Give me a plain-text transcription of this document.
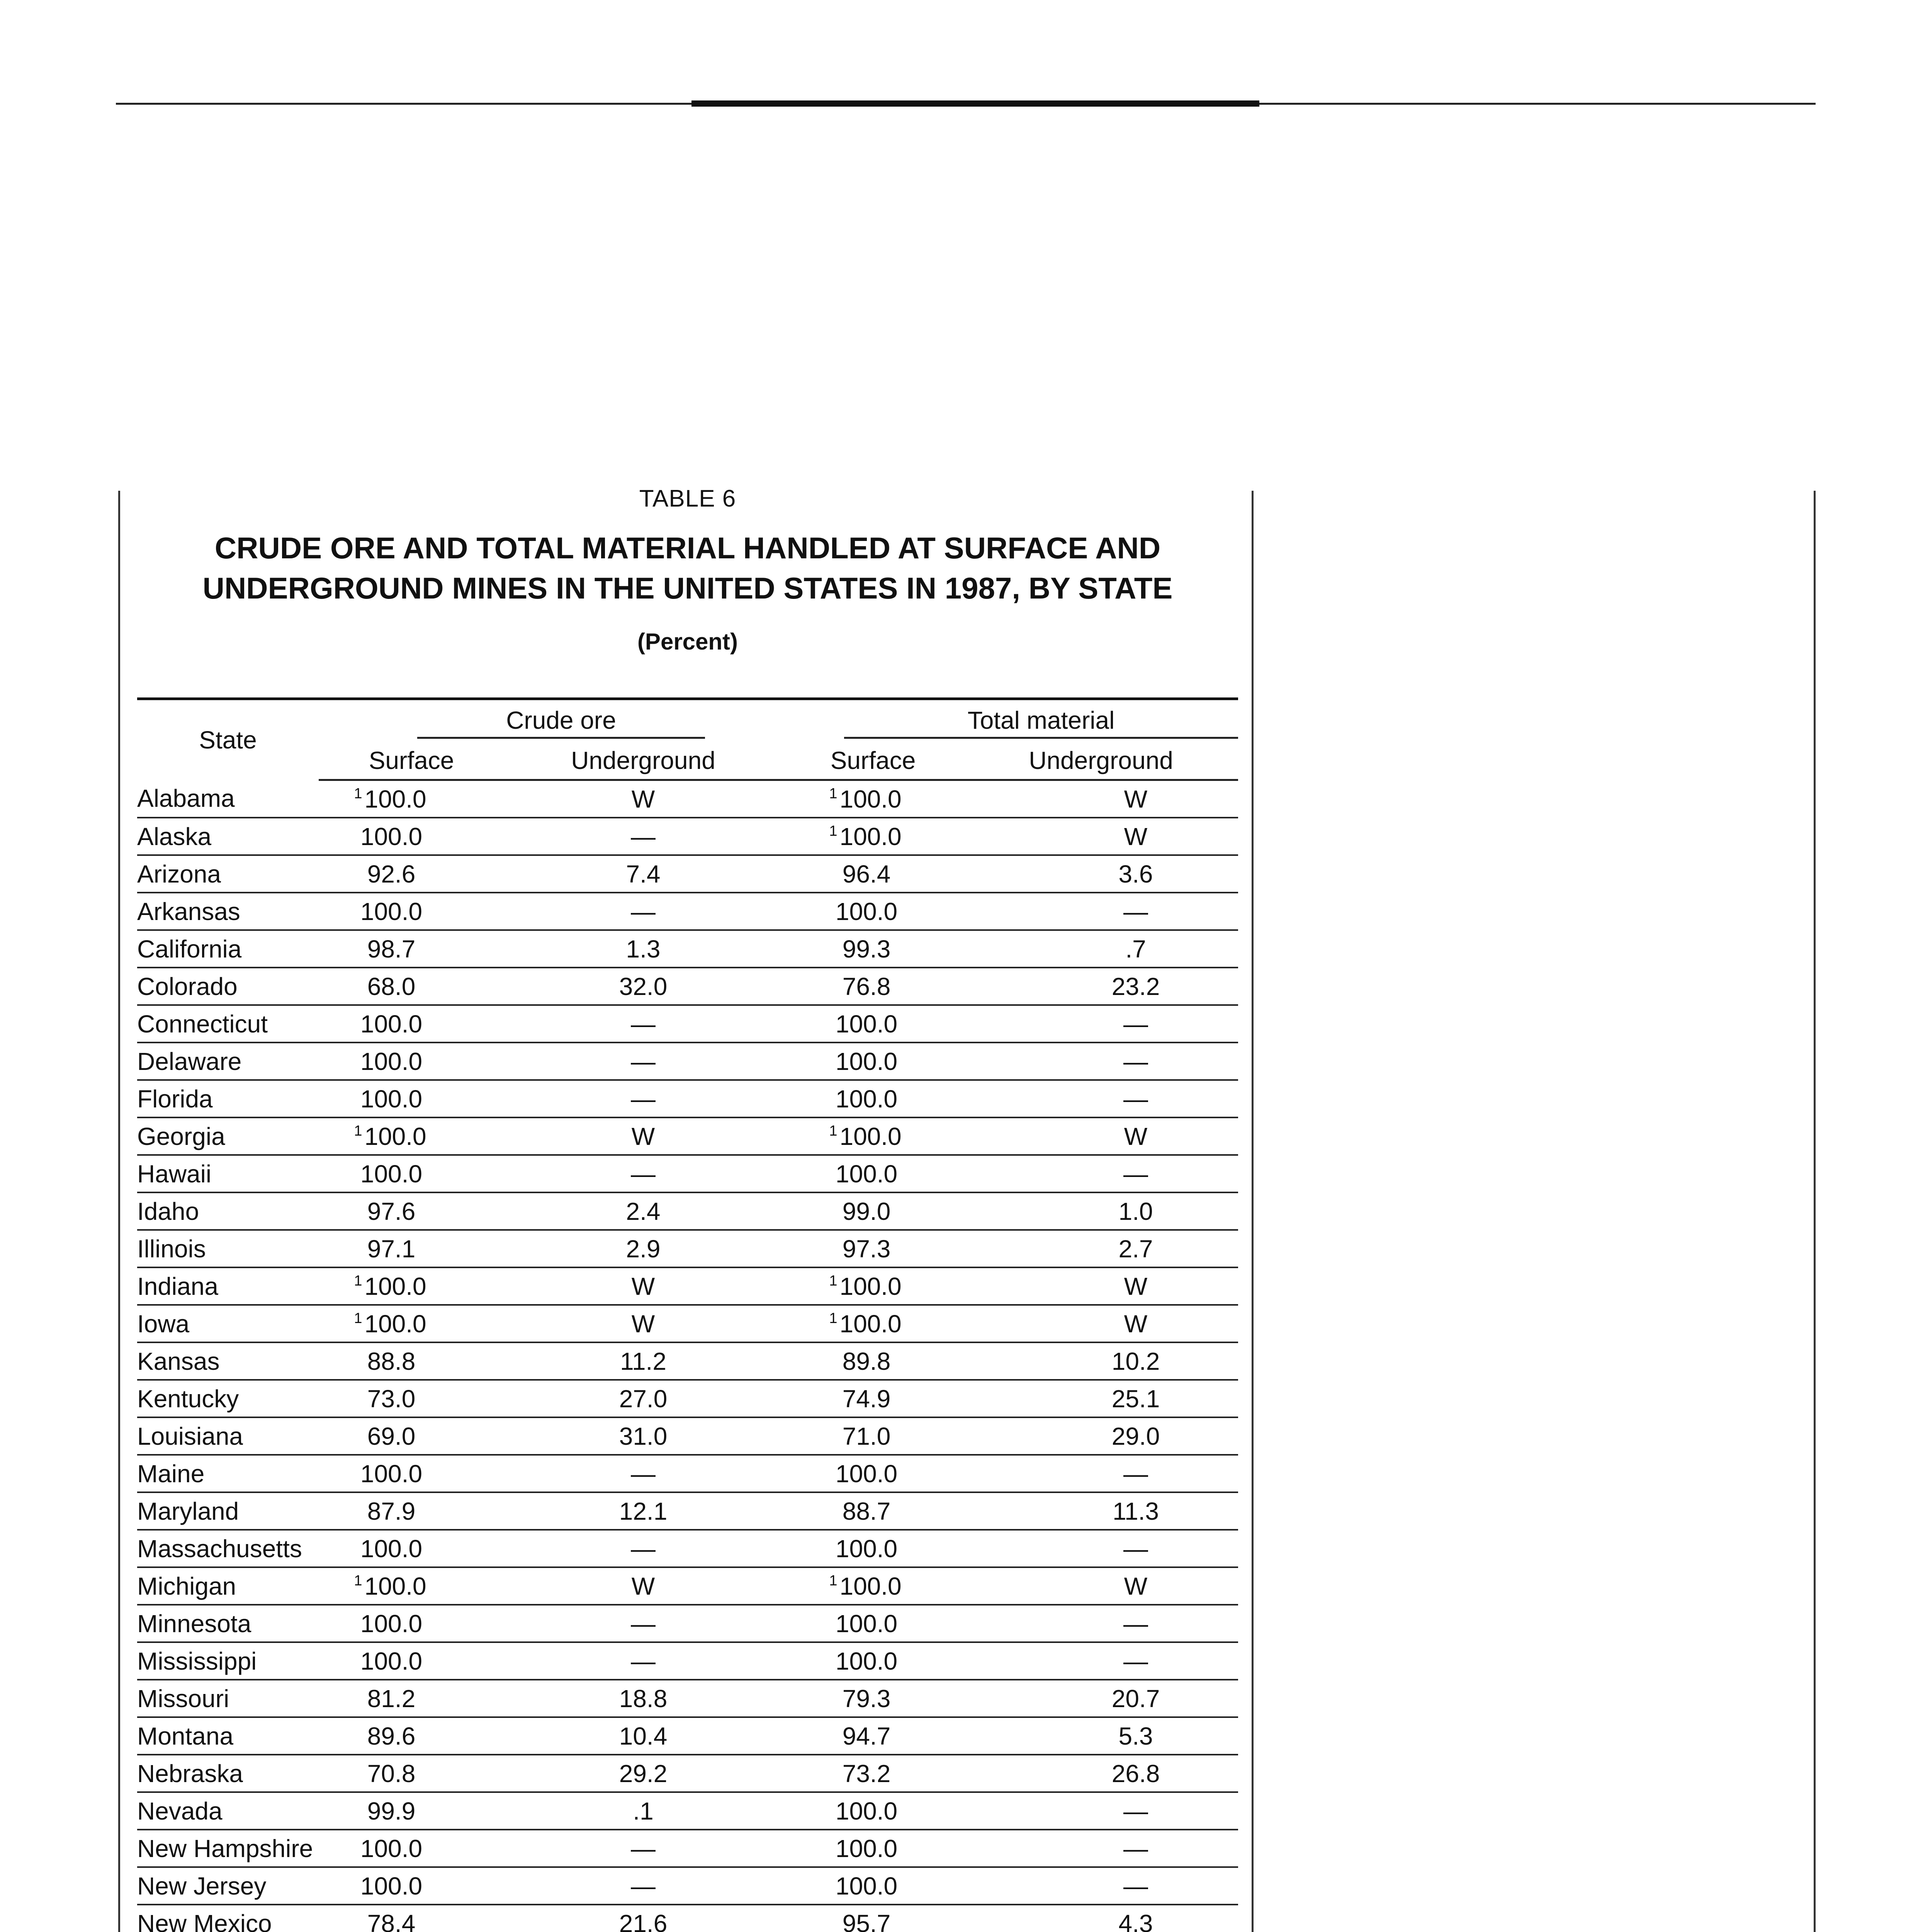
TABLE 6
CRUDE ORE AND TOTAL MATERIAL HANDLED AT SURFACE AND
UNDERGROUND MINES IN THE UNITED STATES IN 1987, BY STATE
(Percent)
State	Crude ore		Total material	

	Surface	Underground	Surface	Underground
Alabama	$^1$100.0	W	$^1$100.0	W
Alaska	100.0	—	$^1$100.0	W
Arizona	92.6	7.4	96.4	3.6
Arkansas	100.0	—	100.0	—
California	98.7	1.3	99.3	.7
Colorado	68.0	32.0	76.8	23.2
Connecticut	100.0	—	100.0	—
Delaware	100.0	—	100.0	—
Florida	100.0	—	100.0	—
Georgia	$^1$100.0	W	$^1$100.0	W
Hawaii	100.0	—	100.0	—
Idaho	97.6	2.4	99.0	1.0
Illinois	97.1	2.9	97.3	2.7
Indiana	$^1$100.0	W	$^1$100.0	W
Iowa	$^1$100.0	W	$^1$100.0	W
Kansas	88.8	11.2	89.8	10.2
Kentucky	73.0	27.0	74.9	25.1
Louisiana	69.0	31.0	71.0	29.0
Maine	100.0	—	100.0	—
Maryland	87.9	12.1	88.7	11.3
Massachusetts	100.0	—	100.0	—
Michigan	$^1$100.0	W	$^1$100.0	W
Minnesota	100.0	—	100.0	—
Mississippi	100.0	—	100.0	—
Missouri	81.2	18.8	79.3	20.7
Montana	89.6	10.4	94.7	5.3
Nebraska	70.8	29.2	73.2	26.8
Nevada	99.9	.1	100.0	—
New Hampshire	100.0	—	100.0	—
New Jersey	100.0	—	100.0	—
New Mexico	78.4	21.6	95.7	4.3
